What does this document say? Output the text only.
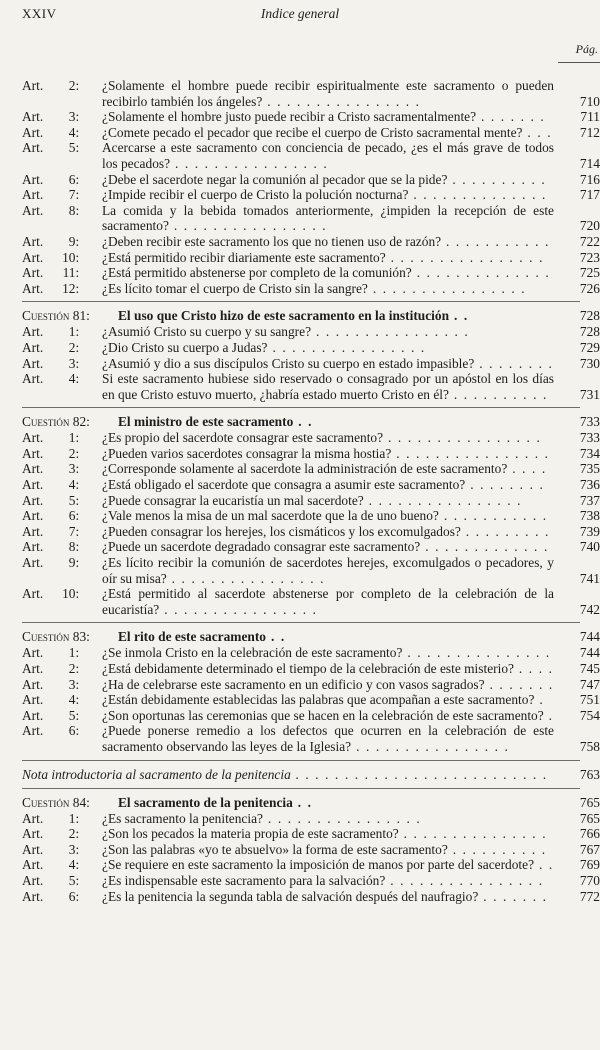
XXIV	Indice general
Pág.
Art. 2:	¿Solamente el hombre puede recibir espiritualmente este sacramento o pueden recibirlo también los ángeles? . . . . . . . . . . . . . . . .	710
Art. 3:	¿Solamente el hombre justo puede recibir a Cristo sacramentalmente? . . . . . . .	711
Art. 4:	¿Comete pecado el pecador que recibe el cuerpo de Cristo sacramental mente? . . .	712
Art. 5:	Acercarse a este sacramento con conciencia de pecado, ¿es el más grave de todos los pecados? . . . . . . . . . . . . . . . .	714
Art. 6:	¿Debe el sacerdote negar la comunión al pecador que se la pide? . . . . . . . . . .	716
Art. 7:	¿Impide recibir el cuerpo de Cristo la polución nocturna? . . . . . . . . . . . . . .	717
Art. 8:	La comida y la bebida tomados anteriormente, ¿impiden la recepción de este sacramento? . . . . . . . . . . . . . . . .	720
Art. 9:	¿Deben recibir este sacramento los que no tienen uso de razón? . . . . . . . . . . .	722
Art. 10:	¿Está permitido recibir diariamente este sacramento? . . . . . . . . . . . . . . . .	723
Art. 11:	¿Está permitido abstenerse por completo de la comunión? . . . . . . . . . . . . . .	725
Art. 12:	¿Es lícito tomar el cuerpo de Cristo sin la sangre? . . . . . . . . . . . . . . . .	726
Cuestión 81:	El uso que Cristo hizo de este sacramento en la institución . .	728
Art. 1:	¿Asumió Cristo su cuerpo y su sangre? . . . . . . . . . . . . . . . .	728
Art. 2:	¿Dio Cristo su cuerpo a Judas? . . . . . . . . . . . . . . . .	729
Art. 3:	¿Asumió y dio a sus discípulos Cristo su cuerpo en estado impasible? . . . . . . . .	730
Art. 4:	Si este sacramento hubiese sido reservado o consagrado por un apóstol en los días en que Cristo estuvo muerto, ¿habría estado muerto Cristo en él? . . . . . . . . . .	731
Cuestión 82:	El ministro de este sacramento . .	733
Art. 1:	¿Es propio del sacerdote consagrar este sacramento? . . . . . . . . . . . . . . . .	733
Art. 2:	¿Pueden varios sacerdotes consagrar la misma hostia? . . . . . . . . . . . . . . . .	734
Art. 3:	¿Corresponde solamente al sacerdote la administración de este sacramento? . . . .	735
Art. 4:	¿Está obligado el sacerdote que consagra a asumir este sacramento? . . . . . . . .	736
Art. 5:	¿Puede consagrar la eucaristía un mal sacerdote? . . . . . . . . . . . . . . . .	737
Art. 6:	¿Vale menos la misa de un mal sacerdote que la de uno bueno? . . . . . . . . . . .	738
Art. 7:	¿Pueden consagrar los herejes, los cismáticos y los excomulgados? . . . . . . . . .	739
Art. 8:	¿Puede un sacerdote degradado consagrar este sacramento? . . . . . . . . . . . . .	740
Art. 9:	¿Es lícito recibir la comunión de sacerdotes herejes, excomulgados o pecadores, y oír su misa? . . . . . . . . . . . . . . . .	741
Art. 10:	¿Está permitido al sacerdote abstenerse por completo de la celebración de la eucaristía? . . . . . . . . . . . . . . . .	742
Cuestión 83:	El rito de este sacramento . .	744
Art. 1:	¿Se inmola Cristo en la celebración de este sacramento? . . . . . . . . . . . . . . .	744
Art. 2:	¿Está debidamente determinado el tiempo de la celebración de este misterio? . . . .	745
Art. 3:	¿Ha de celebrarse este sacramento en un edificio y con vasos sagrados? . . . . . . .	747
Art. 4:	¿Están debidamente establecidas las palabras que acompañan a este sacramento? .	751
Art. 5:	¿Son oportunas las ceremonias que se hacen en la celebración de este sacramento? .	754
Art. 6:	¿Puede ponerse remedio a los defectos que ocurren en la celebración de este sacramento observando las leyes de la Iglesia? . . . . . . . . . . . . . . . .	758
Nota introductoria al sacramento de la penitencia . . . . . . . . . . . . . . . . . . . . . . . . . .	763
Cuestión 84:	El sacramento de la penitencia . .	765
Art. 1:	¿Es sacramento la penitencia? . . . . . . . . . . . . . . . .	765
Art. 2:	¿Son los pecados la materia propia de este sacramento? . . . . . . . . . . . . . . .	766
Art. 3:	¿Son las palabras «yo te absuelvo» la forma de este sacramento? . . . . . . . . . .	767
Art. 4:	¿Se requiere en este sacramento la imposición de manos por parte del sacerdote? . .	769
Art. 5:	¿Es indispensable este sacramento para la salvación? . . . . . . . . . . . . . . . .	770
Art. 6:	¿Es la penitencia la segunda tabla de salvación después del naufragio? . . . . . . .	772
